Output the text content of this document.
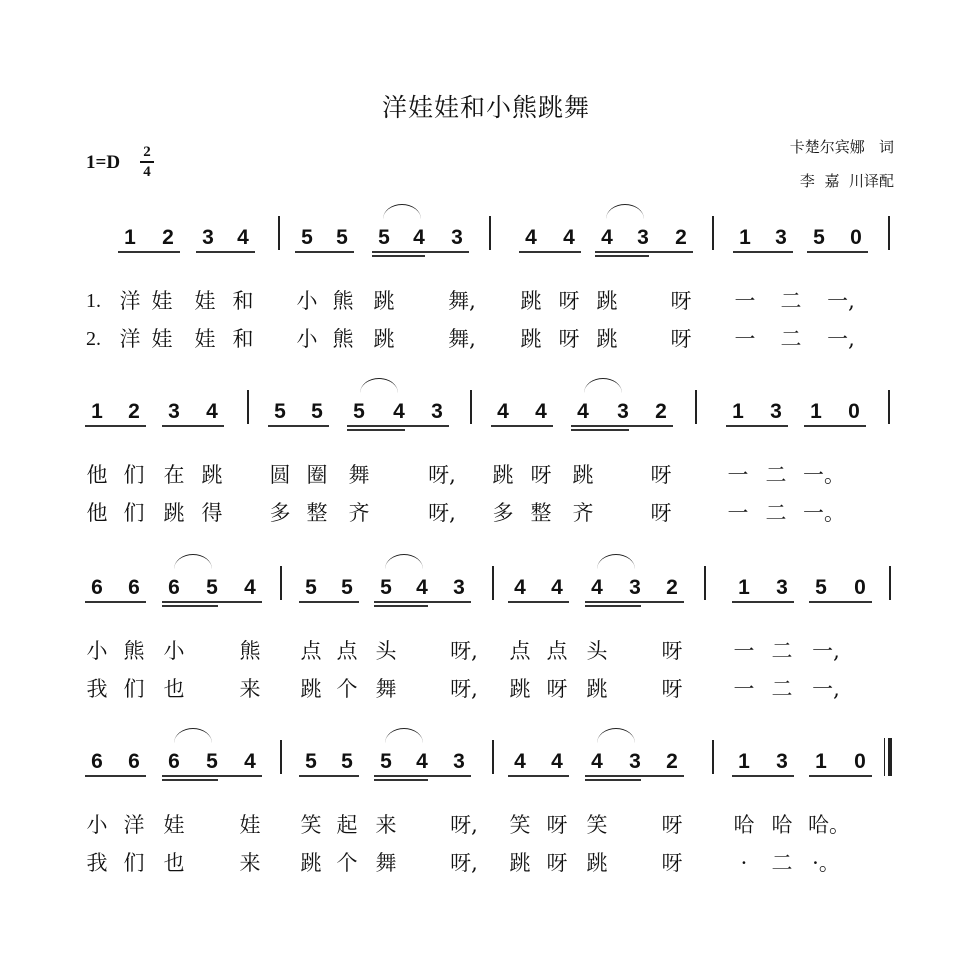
洋娃娃和小熊跳舞
1=D 2
4
卡楚尔宾娜   词
李  嘉  川译配
1 2 3 4 5 5 5 4 3	4 4 4 3 2 1 3 5 0
1. 洋 娃 娃 和 小 熊 跳	舞, 跳 呀 跳	呀 一 二 一,
2. 洋 娃 娃 和 小 熊 跳	舞, 跳 呀 跳	呀 一 二 一,
1 2 3 4	5 5 5 4 3	4 4 4 3 2	1 3 1 0
他 们 在 跳 圆 圈 舞	呀, 跳 呀 跳	呀	一 二 一。
他 们 跳 得 多 整 齐	呀, 多 整 齐	呀	一 二 一。
6 6 6 5 4 5 5 5 4 3 4 4 4 3 2	1 3 5 0
小 熊 小	熊 点 点 头	呀, 点 点 头	呀 一 二 一,
我 们 也	来 跳 个 舞	呀, 跳 呀 跳	呀 一 二 一,
6 6 6 5 4 5 5 5 4 3 4 4 4 3 2	1 3 1 0
小 洋 娃	娃 笑 起 来	呀, 笑 呀 笑	呀 哈 哈 哈。
我 们 也	来 跳 个 舞	呀, 跳 呀 跳	呀	·	二 ·。
